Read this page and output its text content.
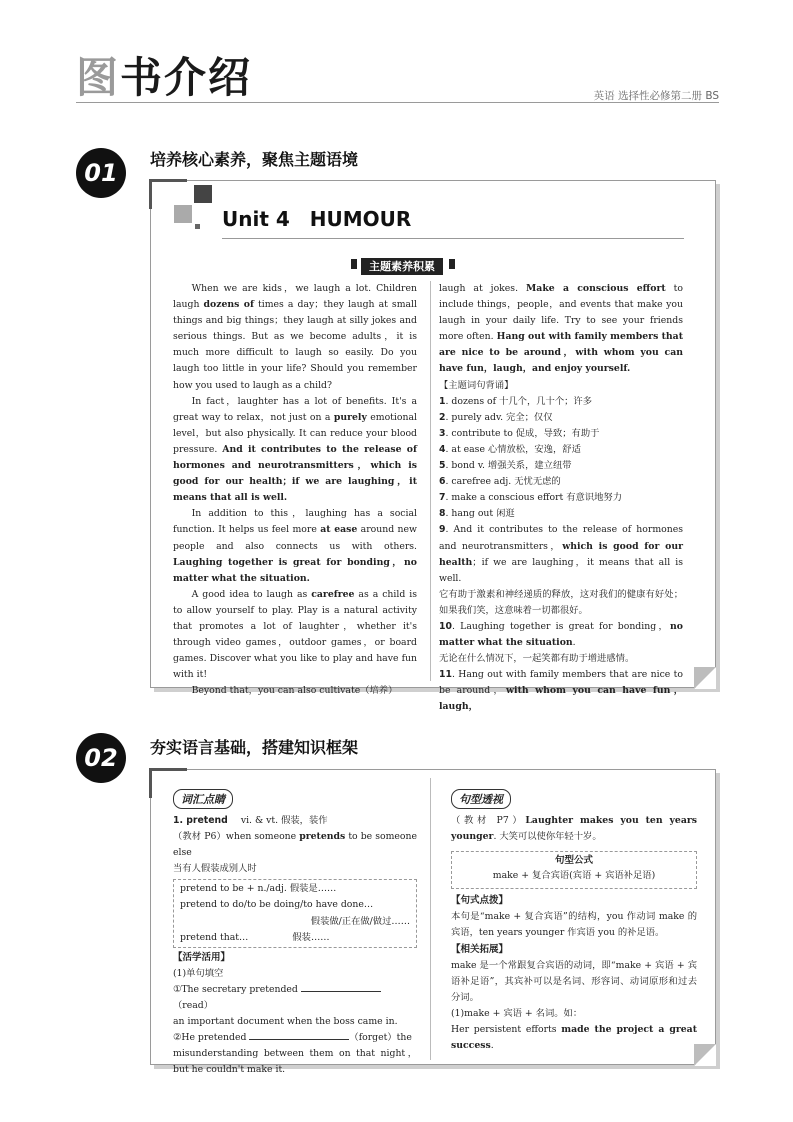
图书介绍	英语 选择性必修第二册 BS
01	培养核心素养，聚焦主题语境
Unit 4　HUMOUR
主题素养积累

When we are kids，we laugh a lot. Children laugh dozens of times a day；they laugh at small things and big things；they laugh at silly jokes and serious things. But as we become adults，it is much more difficult to laugh so easily. Do you laugh too little in your life? Should you remember how you used to laugh as a child?

In fact，laughter has a lot of benefits. It's a great way to relax，not just on a purely emotional level，but also physically. It can reduce your blood pressure. And it contributes to the release of hormones and neurotransmitters，which is good for our health；if we are laughing，it means that all is well.

In addition to this，laughing has a social function. It helps us feel more at ease around new people and also connects us with others. Laughing together is great for bonding，no matter what the situation.

A good idea to laugh as carefree as a child is to allow yourself to play. Play is a natural activity that promotes a lot of laughter，whether it's through video games，outdoor games，or board games. Discover what you like to play and have fun with it!

Beyond that，you can also cultivate（培养）

laugh at jokes. Make a conscious effort to include things，people，and events that make you laugh in your daily life. Try to see your friends more often. Hang out with family members that are nice to be around，with whom you can have fun，laugh，and enjoy yourself.

【主题词句背诵】

1. dozens of 十几个，几十个；许多

2. purely adv. 完全；仅仅

3. contribute to 促成，导致；有助于

4. at ease 心情放松，安逸，舒适

5. bond v. 增强关系，建立纽带

6. carefree adj. 无忧无虑的

7. make a conscious effort 有意识地努力

8. hang out 闲逛

9. And it contributes to the release of hormones and neurotransmitters，which is good for our health；if we are laughing，it means that all is well.

它有助于激素和神经递质的释放，这对我们的健康有好处；如果我们笑，这意味着一切都很好。

10. Laughing together is great for bonding，no matter what the situation.

无论在什么情况下，一起笑都有助于增进感情。

11. Hang out with family members that are nice to be around，with whom you can have fun，laugh，

02	夯实语言基础，搭建知识框架
词汇点睛

1. pretend vi. & vt. 假装，装作

（教材 P6）when someone pretends to be someone else

当有人假装成别人时

pretend to be + n./adj. 假装是……

pretend to do/to be doing/to have done…

假装做/正在做/做过……

pretend that…	假装……

【活学活用】

(1)单句填空

①The secretary pretended （read）

an important document when the boss came in.

②He pretended	（forget）the

misunderstanding between them on that night，but he couldn't make it.

句型透视
（教材 P7）Laughter makes you ten years younger. 大笑可以使你年轻十岁。
句型公式
make + 复合宾语(宾语 + 宾语补足语)

【句式点拨】

本句是“make + 复合宾语”的结构，you 作动词 make 的宾语，ten years younger 作宾语 you 的补足语。

【相关拓展】

make 是一个常跟复合宾语的动词，即“make + 宾语 + 宾语补足语”，其宾补可以是名词、形容词、动词原形和过去分词。

(1)make + 宾语 + 名词。如：

Her persistent efforts made the project a great success.
